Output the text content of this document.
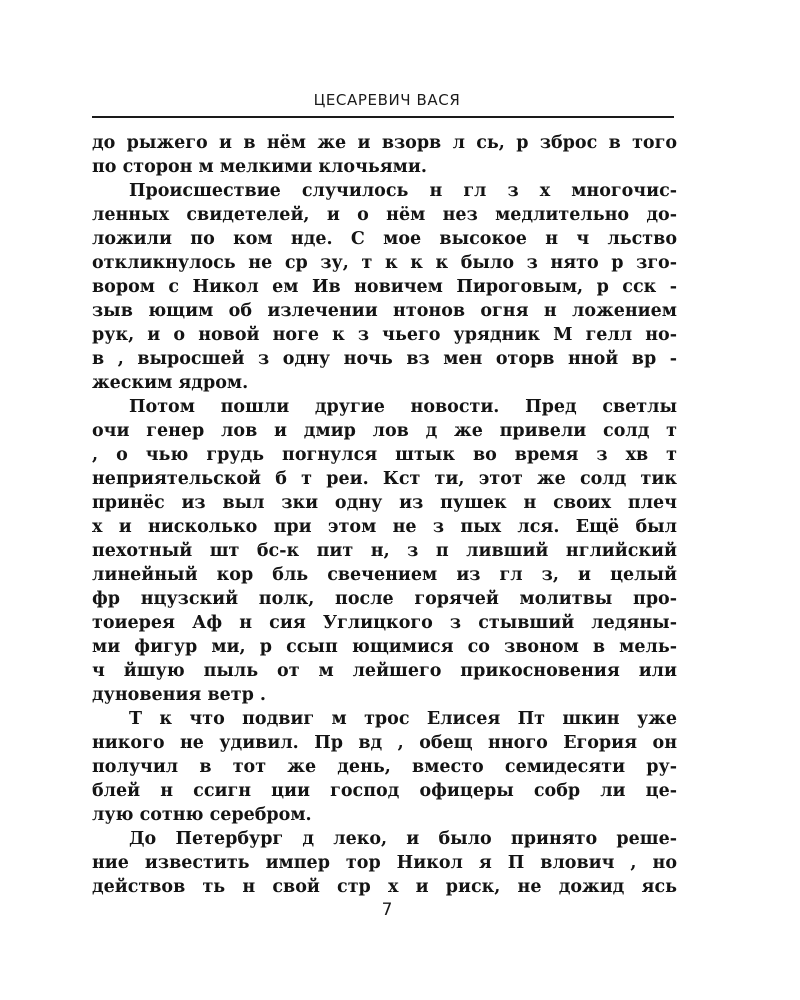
ЦЕСАРЕВИЧ ВАСЯ
до рыжего и в нём же и взорв л сь, р зброс в того
по сторон м мелкими клочьями.
Происшествие случилось н гл з х многочис-
ленных свидетелей, и о нём нез медлительно до-
ложили по ком нде. С мое высокое н ч льство
откликнулось не ср зу, т к к к было з нято р зго-
вором с Никол ем Ив новичем Пироговым, р сск -
зыв ющим об излечении нтонов огня н ложением
рук, и о новой ноге к з чьего урядник М гелл но-
в , выросшей з одну ночь вз мен оторв нной вр -
жеским ядром.
Потом пошли другие новости. Пред светлы
очи генер лов и дмир лов д же привели солд т
, о чью грудь погнулся штык во время з хв т
неприятельской б т реи. Кст ти, этот же солд тик
принёс из выл зки одну из пушек н своих плеч
х и нисколько при этом не з пых лся. Ещё был
пехотный шт бс-к пит н, з п ливший нглийский
линейный кор бль свечением из гл з, и целый
фр нцузский полк, после горячей молитвы про-
тоиерея Аф н сия Углицкого з стывший ледяны-
ми фигур ми, р ссып ющимися со звоном в мель-
ч йшую пыль от м лейшего прикосновения или
дуновения ветр .
Т к что подвиг м трос Елисея Пт шкин уже
никого не удивил. Пр вд , обещ нного Егория он
получил в тот же день, вместо семидесяти ру-
блей н ссигн ции господ офицеры собр ли це-
лую сотню серебром.
До Петербург д леко, и было принято реше-
ние известить импер тор Никол я П влович , но
действов ть н свой стр х и риск, не дожид ясь
7
